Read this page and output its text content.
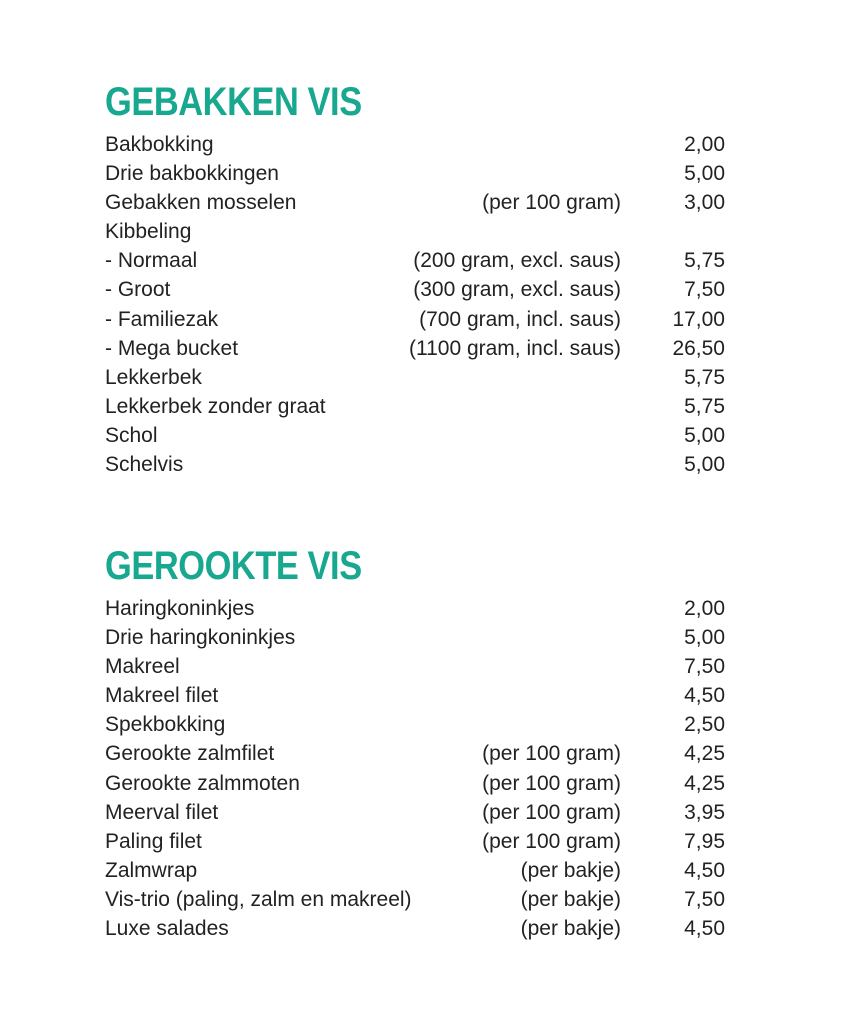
GEBAKKEN VIS
Bakbokking	2,00
Drie bakbokkingen	5,00
Gebakken mosselen	(per 100 gram)	3,00
Kibbeling
- Normaal	(200 gram, excl. saus)	5,75
- Groot	(300 gram, excl. saus)	7,50
- Familiezak	(700 gram, incl. saus) 17,00
- Mega bucket	(1100 gram, incl. saus) 26,50
Lekkerbek	5,75
Lekkerbek zonder graat	5,75
Schol	5,00
Schelvis	5,00
GEROOKTE VIS
Haringkoninkjes	2,00
Drie haringkoninkjes	5,00
Makreel	7,50
Makreel filet	4,50
Spekbokking	2,50
Gerookte zalmfilet	(per 100 gram)	4,25
Gerookte zalmmoten	(per 100 gram)	4,25
Meerval filet	(per 100 gram)	3,95
Paling filet	(per 100 gram)	7,95
Zalmwrap	(per bakje)	4,50
Vis-trio (paling, zalm en makreel)	(per bakje)	7,50
Luxe salades	(per bakje)	4,50
